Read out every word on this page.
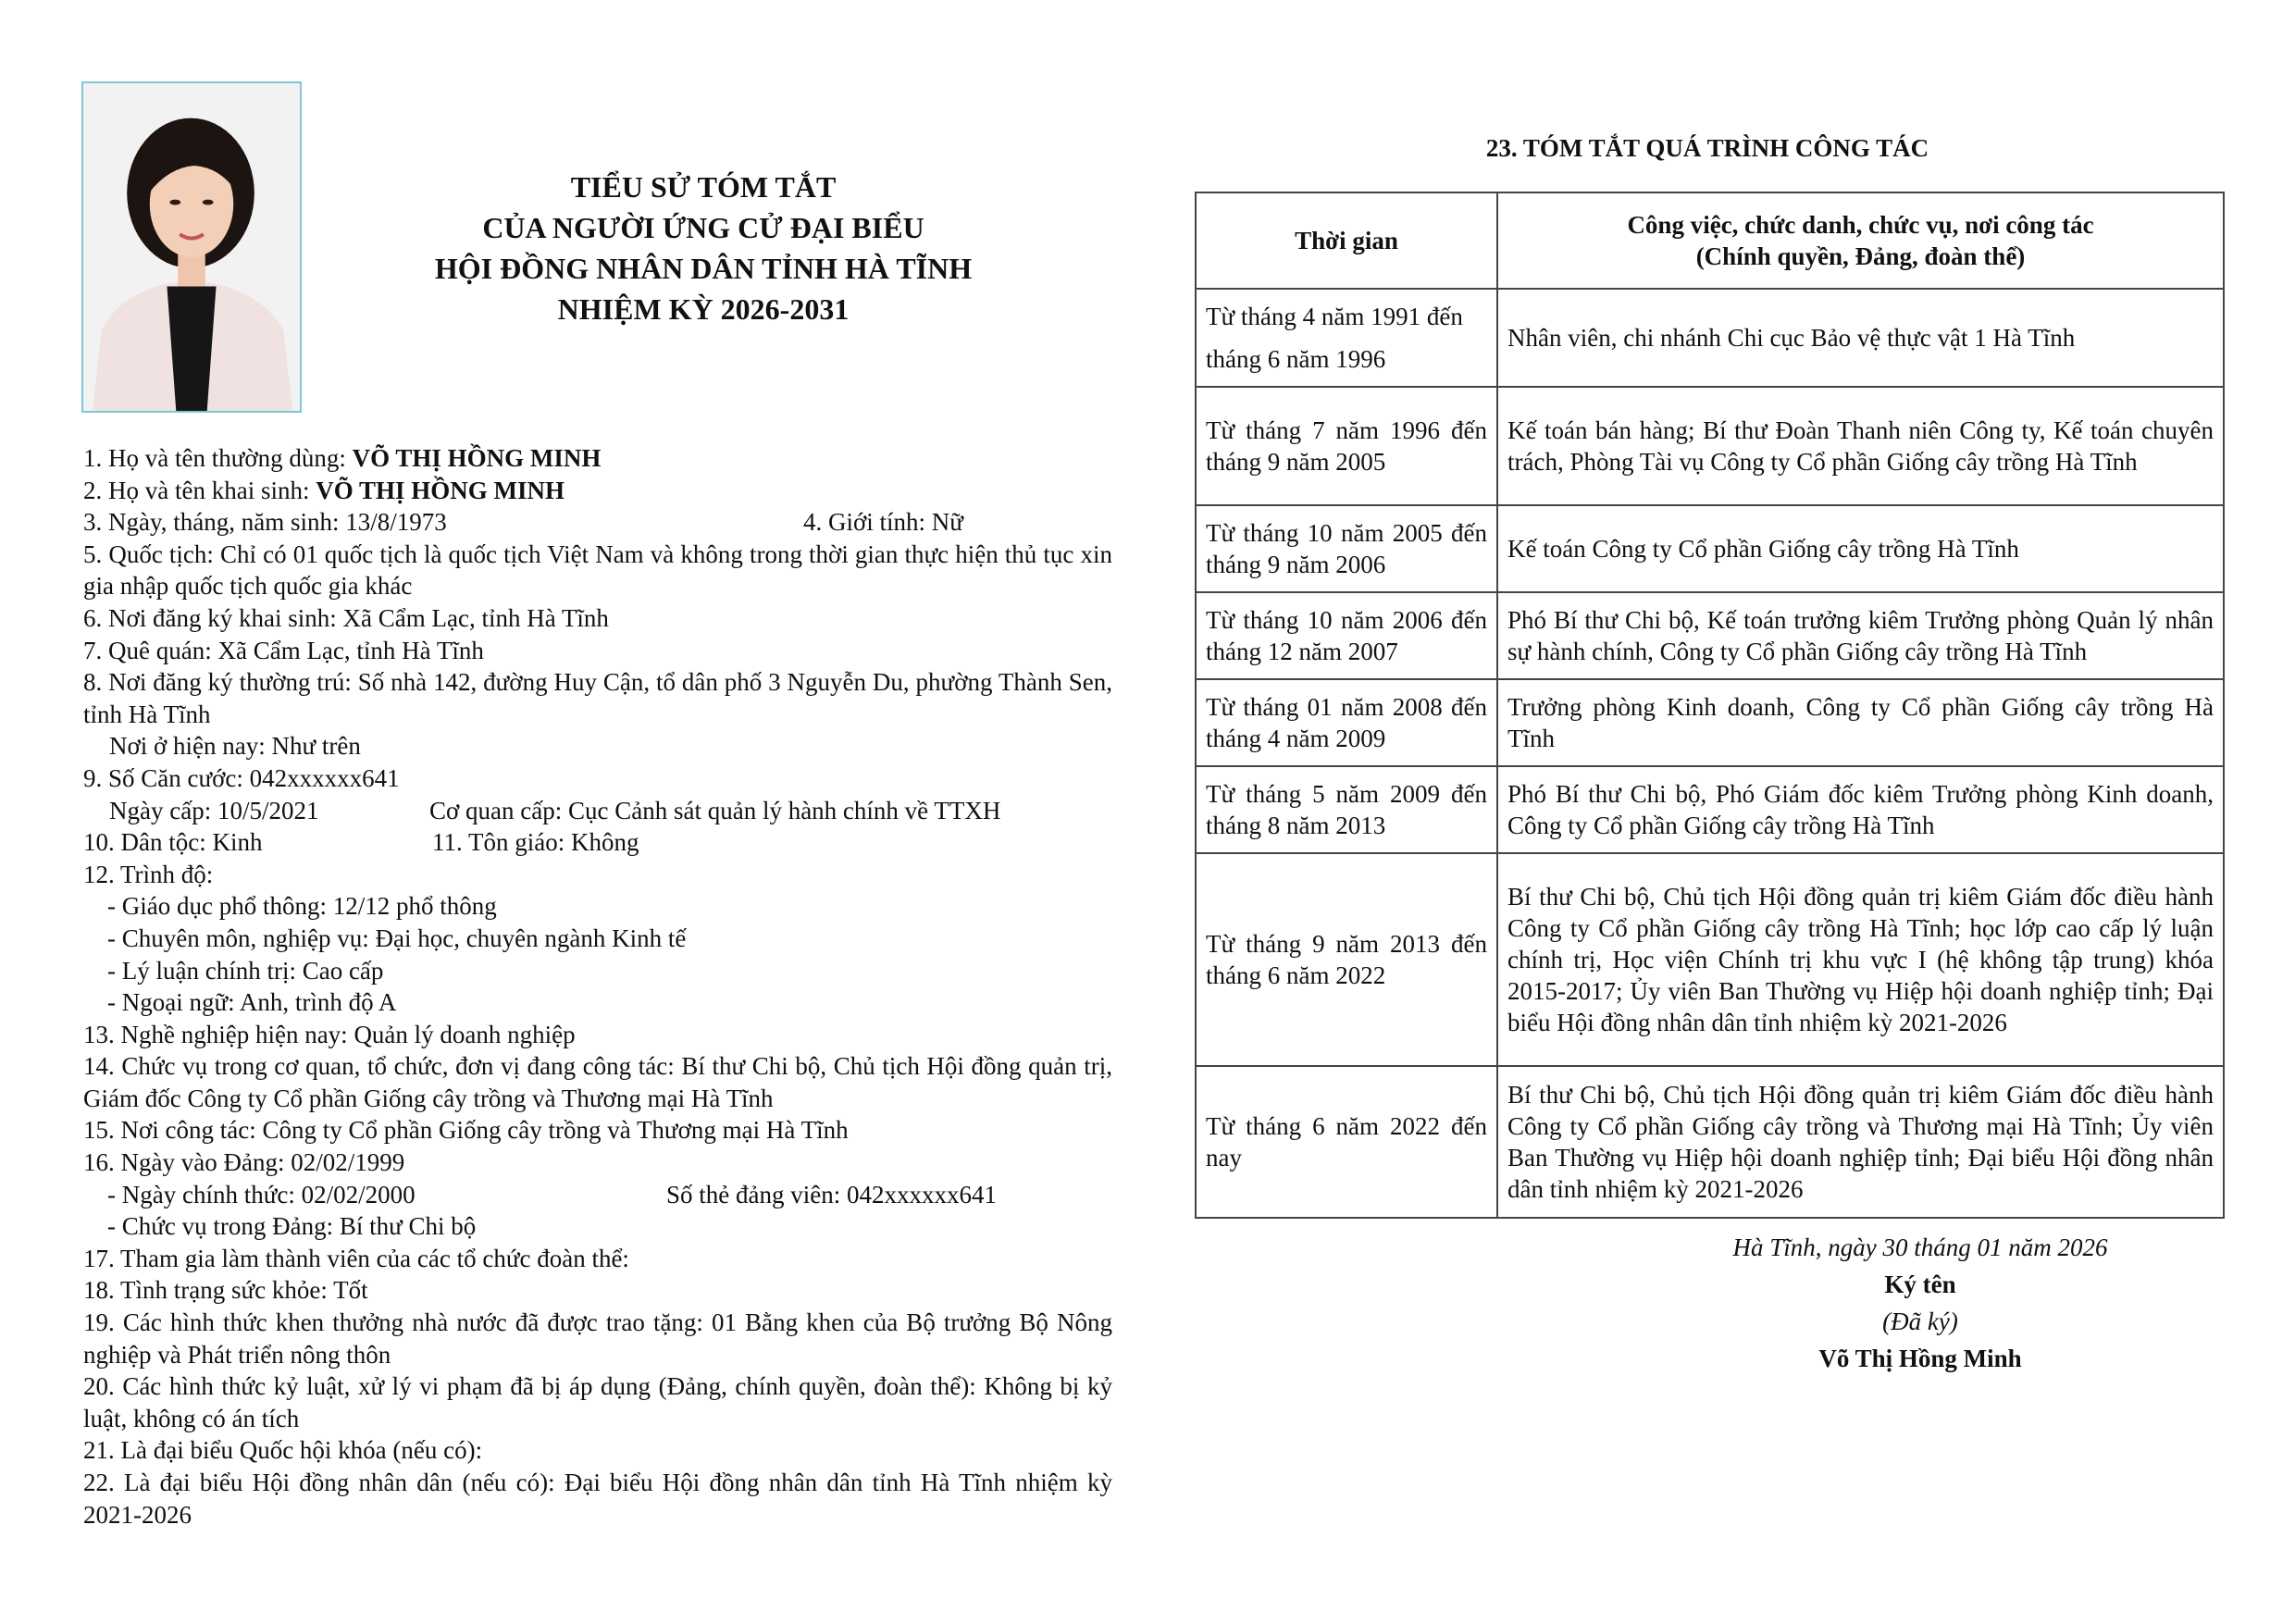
TIỂU SỬ TÓM TẮT
CỦA NGƯỜI ỨNG CỬ ĐẠI BIỂU
HỘI ĐỒNG NHÂN DÂN TỈNH HÀ TĨNH
NHIỆM KỲ 2026-2031

1. Họ và tên thường dùng: VÕ THỊ HỒNG MINH

2. Họ và tên khai sinh: VÕ THỊ HỒNG MINH

3. Ngày, tháng, năm sinh: 13/8/1973	4. Giới tính: Nữ

5. Quốc tịch: Chỉ có 01 quốc tịch là quốc tịch Việt Nam và không trong thời gian thực hiện thủ tục xin gia nhập quốc tịch quốc gia khác

6. Nơi đăng ký khai sinh: Xã Cẩm Lạc, tỉnh Hà Tĩnh

7. Quê quán: Xã Cẩm Lạc, tỉnh Hà Tĩnh

8. Nơi đăng ký thường trú: Số nhà 142, đường Huy Cận, tổ dân phố 3 Nguyễn Du, phường Thành Sen, tỉnh Hà Tĩnh

Nơi ở hiện nay: Như trên

9. Số Căn cước: 042xxxxxx641

Ngày cấp: 10/5/2021	Cơ quan cấp: Cục Cảnh sát quản lý hành chính về TTXH

10. Dân tộc: Kinh	11. Tôn giáo: Không

12. Trình độ:

- Giáo dục phổ thông: 12/12 phổ thông

- Chuyên môn, nghiệp vụ: Đại học, chuyên ngành Kinh tế

- Lý luận chính trị: Cao cấp

- Ngoại ngữ: Anh, trình độ A

13. Nghề nghiệp hiện nay: Quản lý doanh nghiệp

14. Chức vụ trong cơ quan, tổ chức, đơn vị đang công tác: Bí thư Chi bộ, Chủ tịch Hội đồng quản trị, Giám đốc Công ty Cổ phần Giống cây trồng và Thương mại Hà Tĩnh

15. Nơi công tác: Công ty Cổ phần Giống cây trồng và Thương mại Hà Tĩnh

16. Ngày vào Đảng: 02/02/1999

- Ngày chính thức: 02/02/2000	Số thẻ đảng viên: 042xxxxxx641

- Chức vụ trong Đảng: Bí thư Chi bộ

17. Tham gia làm thành viên của các tổ chức đoàn thể:

18. Tình trạng sức khỏe: Tốt

19. Các hình thức khen thưởng nhà nước đã được trao tặng: 01 Bằng khen của Bộ trưởng Bộ Nông nghiệp và Phát triển nông thôn

20. Các hình thức kỷ luật, xử lý vi phạm đã bị áp dụng (Đảng, chính quyền, đoàn thể): Không bị kỷ luật, không có án tích

21. Là đại biểu Quốc hội khóa (nếu có):

22. Là đại biểu Hội đồng nhân dân (nếu có): Đại biểu Hội đồng nhân dân tỉnh Hà Tĩnh nhiệm kỳ 2021-2026

23. TÓM TẮT QUÁ TRÌNH CÔNG TÁC
Thời gian	Công việc, chức danh, chức vụ, nơi công tác
(Chính quyền, Đảng, đoàn thể)

Từ tháng 4 năm 1991 đến tháng 6 năm 1996	Nhân viên, chi nhánh Chi cục Bảo vệ thực vật 1 Hà Tĩnh
Từ tháng 7 năm 1996 đến tháng 9 năm 2005	Kế toán bán hàng; Bí thư Đoàn Thanh niên Công ty, Kế toán chuyên trách, Phòng Tài vụ Công ty Cổ phần Giống cây trồng Hà Tĩnh
Từ tháng 10 năm 2005 đến tháng 9 năm 2006	Kế toán Công ty Cổ phần Giống cây trồng Hà Tĩnh
Từ tháng 10 năm 2006 đến tháng 12 năm 2007	Phó Bí thư Chi bộ, Kế toán trưởng kiêm Trưởng phòng Quản lý nhân sự hành chính, Công ty Cổ phần Giống cây trồng Hà Tĩnh
Từ tháng 01 năm 2008 đến tháng 4 năm 2009	Trưởng phòng Kinh doanh, Công ty Cổ phần Giống cây trồng Hà Tĩnh
Từ tháng 5 năm 2009 đến tháng 8 năm 2013	Phó Bí thư Chi bộ, Phó Giám đốc kiêm Trưởng phòng Kinh doanh, Công ty Cổ phần Giống cây trồng Hà Tĩnh
Từ tháng 9 năm 2013 đến tháng 6 năm 2022	Bí thư Chi bộ, Chủ tịch Hội đồng quản trị kiêm Giám đốc điều hành Công ty Cổ phần Giống cây trồng Hà Tĩnh; học lớp cao cấp lý luận chính trị, Học viện Chính trị khu vực I (hệ không tập trung) khóa 2015-2017; Ủy viên Ban Thường vụ Hiệp hội doanh nghiệp tỉnh; Đại biểu Hội đồng nhân dân tỉnh nhiệm kỳ 2021-2026
Từ tháng 6 năm 2022 đến nay	Bí thư Chi bộ, Chủ tịch Hội đồng quản trị kiêm Giám đốc điều hành Công ty Cổ phần Giống cây trồng và Thương mại Hà Tĩnh; Ủy viên Ban Thường vụ Hiệp hội doanh nghiệp tỉnh; Đại biểu Hội đồng nhân dân tỉnh nhiệm kỳ 2021-2026
Hà Tĩnh, ngày 30 tháng 01 năm 2026
Ký tên
(Đã ký)
Võ Thị Hồng Minh
